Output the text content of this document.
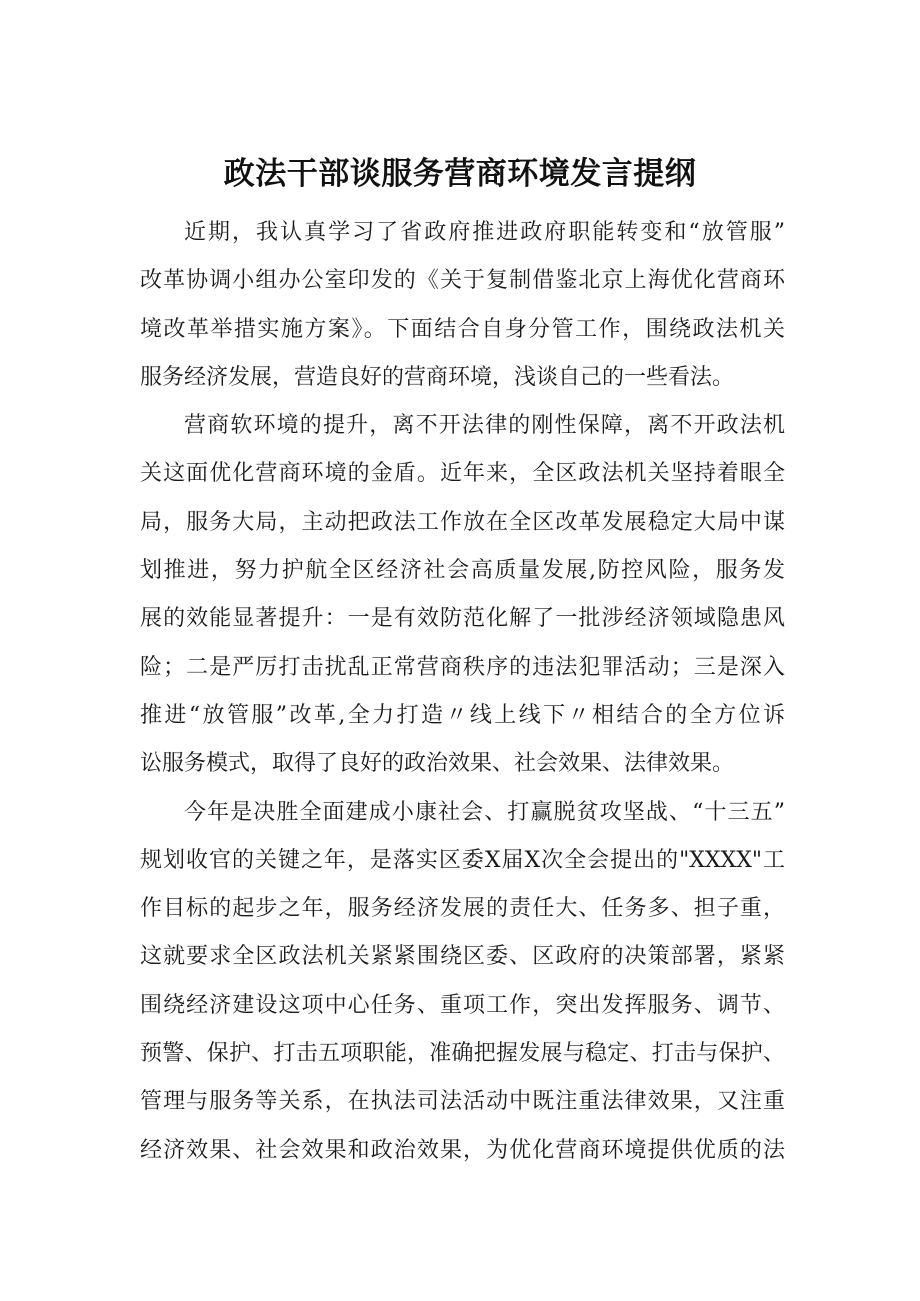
政法干部谈服务营商环境发言提纲
近期，我认真学习了省政府推进政府职能转变和“放管服”
改革协调小组办公室印发的《关于复制借鉴北京上海优化营商环
境改革举措实施方案》。下面结合自身分管工作，围绕政法机关
服务经济发展，营造良好的营商环境，浅谈自己的一些看法。
营商软环境的提升，离不开法律的刚性保障，离不开政法机
关这面优化营商环境的金盾。近年来，全区政法机关坚持着眼全
局，服务大局，主动把政法工作放在全区改革发展稳定大局中谋
划推进，努力护航全区经济社会高质量发展,防控风险，服务发
展的效能显著提升：一是有效防范化解了一批涉经济领域隐患风
险；二是严厉打击扰乱正常营商秩序的违法犯罪活动；三是深入
推进“放管服”改革,全力打造〃线上线下〃相结合的全方位诉
讼服务模式，取得了良好的政治效果、社会效果、法律效果。
今年是决胜全面建成小康社会、打赢脱贫攻坚战、“十三五”
规划收官的关键之年，是落实区委X届X次全会提出的"XXXX"工
作目标的起步之年，服务经济发展的责任大、任务多、担子重，
这就要求全区政法机关紧紧围绕区委、区政府的决策部署，紧紧
围绕经济建设这项中心任务、重项工作，突出发挥服务、调节、
预警、保护、打击五项职能，准确把握发展与稳定、打击与保护、
管理与服务等关系，在执法司法活动中既注重法律效果，又注重
经济效果、社会效果和政治效果，为优化营商环境提供优质的法
